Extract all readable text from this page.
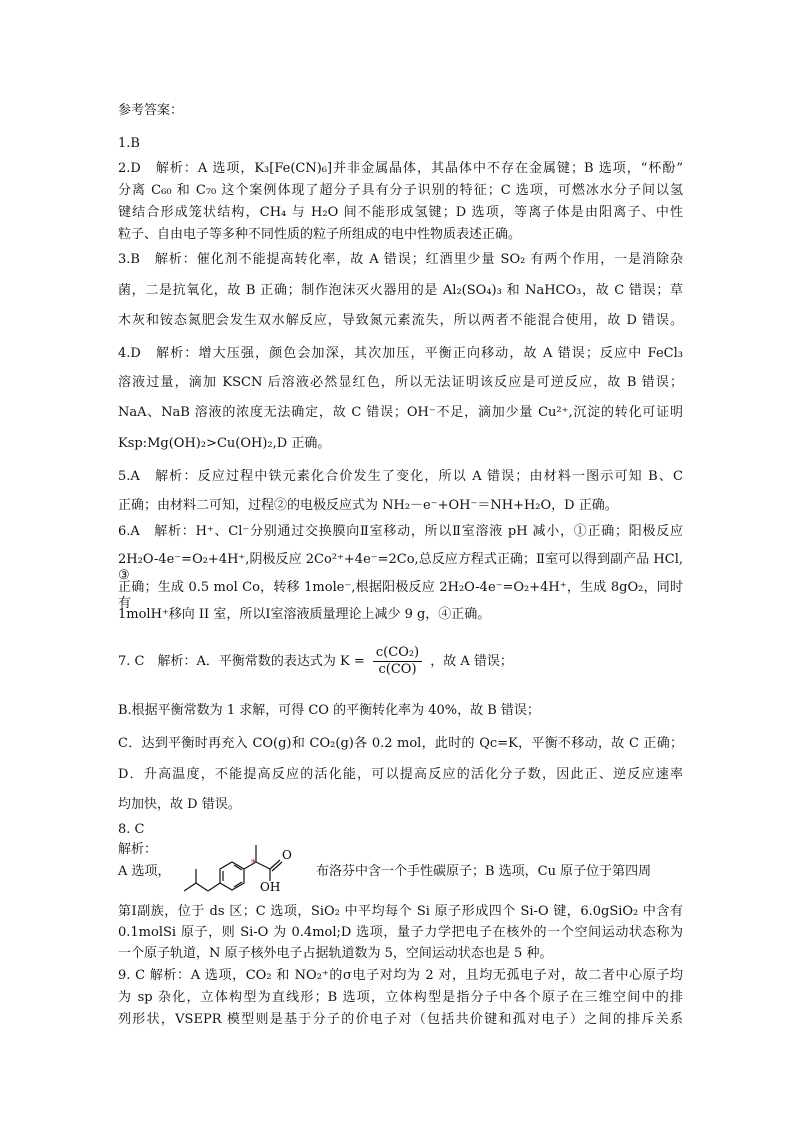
参考答案：
1.B
2.D　解析：A 选项，K₃[Fe(CN)₆]并非金属晶体，其晶体中不存在金属键；B 选项，“杯酚”
分离 C₆₀ 和 C₇₀ 这个案例体现了超分子具有分子识别的特征；C 选项，可燃冰水分子间以氢
键结合形成笼状结构，CH₄ 与 H₂O 间不能形成氢键；D 选项，等离子体是由阳离子、中性
粒子、自由电子等多种不同性质的粒子所组成的电中性物质表述正确。
3.B　解析：催化剂不能提高转化率，故 A 错误；红酒里少量 SO₂ 有两个作用，一是消除杂
菌，二是抗氧化，故 B 正确；制作泡沫灭火器用的是 Al₂(SO₄)₃ 和 NaHCO₃，故 C 错误；草
木灰和铵态氮肥会发生双水解反应，导致氮元素流失，所以两者不能混合使用，故 D 错误。
4.D　解析：增大压强，颜色会加深，其次加压，平衡正向移动，故 A 错误；反应中 FeCl₃
溶液过量，滴加 KSCN 后溶液必然显红色，所以无法证明该反应是可逆反应，故 B 错误；
NaA、NaB 溶液的浓度无法确定，故 C 错误；OH⁻不足，滴加少量 Cu²⁺,沉淀的转化可证明
Ksp:Mg(OH)₂>Cu(OH)₂,D 正确。
5.A　解析：反应过程中铁元素化合价发生了变化，所以 A 错误；由材料一图示可知 B、C
正确；由材料二可知，过程②的电极反应式为 NH₂－e⁻+OH⁻＝NH+H₂O，D 正确。
6.A　解析：H⁺、Cl⁻分别通过交换膜向Ⅱ室移动，所以Ⅱ室溶液 pH 减小，①正确；阳极反应
2H₂O-4e⁻=O₂+4H⁺,阴极反应 2Co²⁺+4e⁻=2Co,总反应方程式正确；Ⅱ室可以得到副产品 HCl, ③
正确；生成 0.5 mol Co，转移 1mole⁻,根据阳极反应 2H₂O-4e⁻=O₂+4H⁺，生成 8gO₂，同时有
1molH⁺移向 II 室，所以Ⅰ室溶液质量理论上减少 9 g，④正确。
7. C　解析：A．平衡常数的表达式为 $K = \frac{\text{c(CO₂)}}{c(CO)}$ ，故 A 错误；
B.根据平衡常数为 1 求解，可得 CO 的平衡转化率为 40%，故 B 错误；
C．达到平衡时再充入 CO(g)和 CO₂(g)各 0.2 mol，此时的 Qc=K，平衡不移动，故 C 正确；
D．升高温度，不能提高反应的活化能，可以提高反应的活化分子数，因此正、逆反应速率
均加快，故 D 错误。
8. C
解析：
A 选项，
*
O
OH
布洛芬中含一个手性碳原子；B 选项，Cu 原子位于第四周
第Ⅰ副族，位于 ds 区；C 选项，SiO₂ 中平均每个 Si 原子形成四个 Si-O 键，6.0gSiO₂ 中含有
0.1molSi 原子，则 Si-O 为 0.4mol;D 选项，量子力学把电子在核外的一个空间运动状态称为
一个原子轨道，N 原子核外电子占据轨道数为 5，空间运动状态也是 5 种。
9. C 解析：A 选项，CO₂ 和 NO₂⁺的σ电子对均为 2 对，且均无孤电子对，故二者中心原子均
为 sp 杂化，立体构型为直线形；B 选项，立体构型是指分子中各个原子在三维空间中的排
列形状，VSEPR 模型则是基于分子的价电子对（包括共价键和孤对电子）之间的排斥关系
